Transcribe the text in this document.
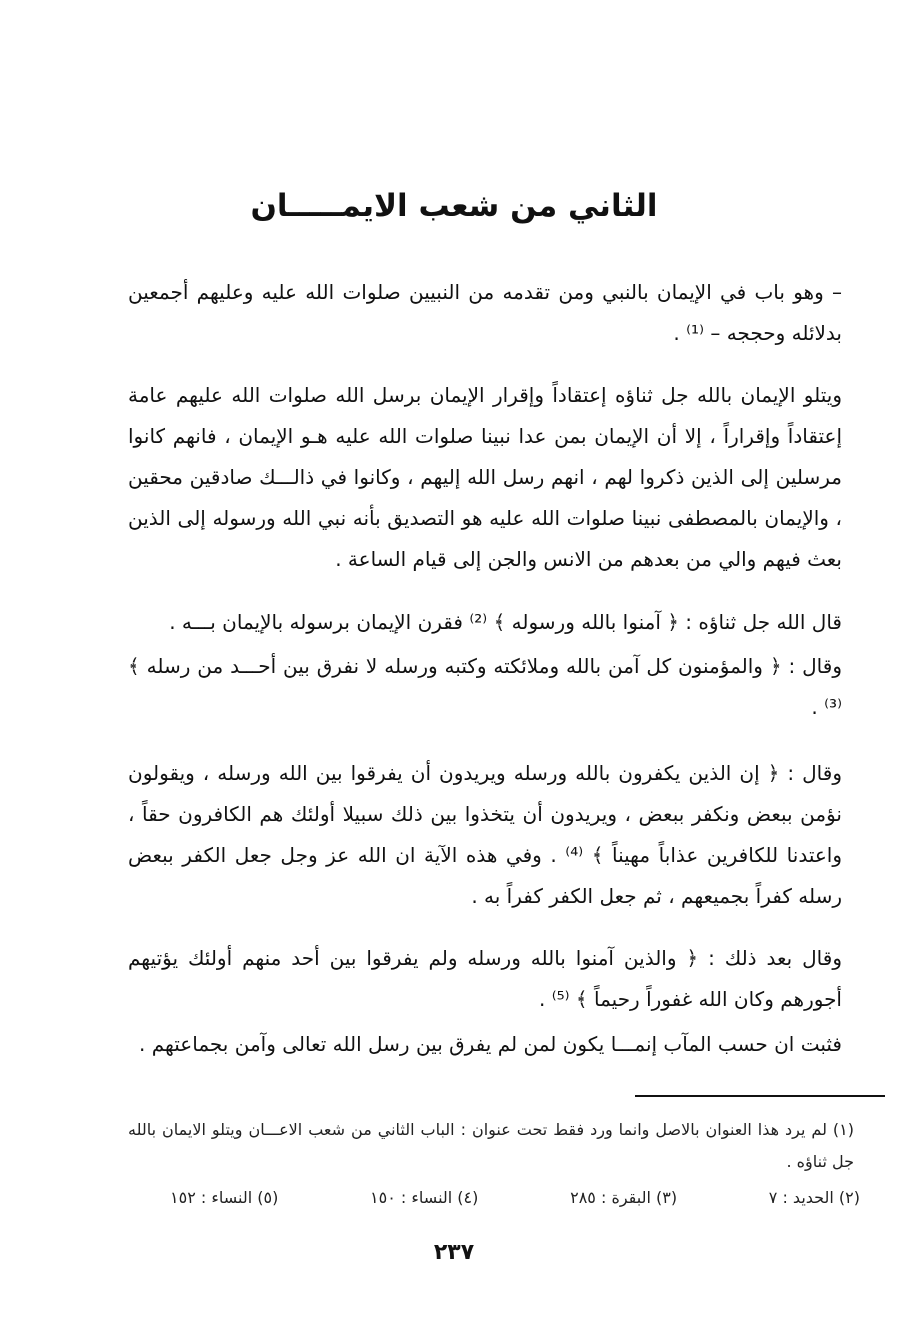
الثاني من شعب الايمـــــان
– وهو باب في الإيمان بالنبي ومن تقدمه من النبيين صلوات الله عليه وعليهم أجمعين بدلائله وحججه – ⁽¹⁾ .
ويتلو الإيمان بالله جل ثناؤه إعتقاداً وإقرار الإيمان برسل الله صلوات الله عليهم عامة إعتقاداً وإقراراً ، إلا أن الإيمان بمن عدا نبينا صلوات الله عليه هـو الإيمان ، فانهم كانوا مرسلين إلى الذين ذكروا لهم ، انهم رسل الله إليهم ، وكانوا في ذالـــك صادقين محقين ، والإيمان بالمصطفى نبينا صلوات الله عليه هو التصديق بأنه نبي الله ورسوله إلى الذين بعث فيهم والي من بعدهم من الانس والجن إلى قيام الساعة .
قال الله جل ثناؤه : ﴿ آمنوا بالله ورسوله ﴾ ⁽²⁾ فقرن الإيمان برسوله بالإيمان بـــه .
وقال : ﴿ والمؤمنون كل آمن بالله وملائكته وكتبه ورسله لا نفرق بين أحـــد من رسله ﴾ ⁽³⁾ .
وقال : ﴿ إن الذين يكفرون بالله ورسله ويريدون أن يفرقوا بين الله ورسله ، ويقولون نؤمن ببعض ونكفر ببعض ، ويريدون أن يتخذوا بين ذلك سبيلا أولئك هم الكافرون حقاً ، واعتدنا للكافرين عذاباً مهيناً ﴾ ⁽⁴⁾ . وفي هذه الآية ان الله عز وجل جعل الكفر ببعض رسله كفراً بجميعهم ، ثم جعل الكفر كفراً به .
وقال بعد ذلك : ﴿ والذين آمنوا بالله ورسله ولم يفرقوا بين أحد منهم أولئك يؤتيهم أجورهم وكان الله غفوراً رحيماً ﴾ ⁽⁵⁾ .
فثبت ان حسب المآب إنمـــا يكون لمن لم يفرق بين رسل الله تعالى وآمن بجماعتهم .
(١) لم يرد هذا العنوان بالاصل وانما ورد فقط تحت عنوان : الباب الثاني من شعب الاعـــان ويتلو الايمان بالله جل ثناؤه .
(٢) الحديد : ٧
(٣) البقرة : ٢٨٥
(٤) النساء : ١٥٠
(٥) النساء : ١٥٢
٢٣٧
